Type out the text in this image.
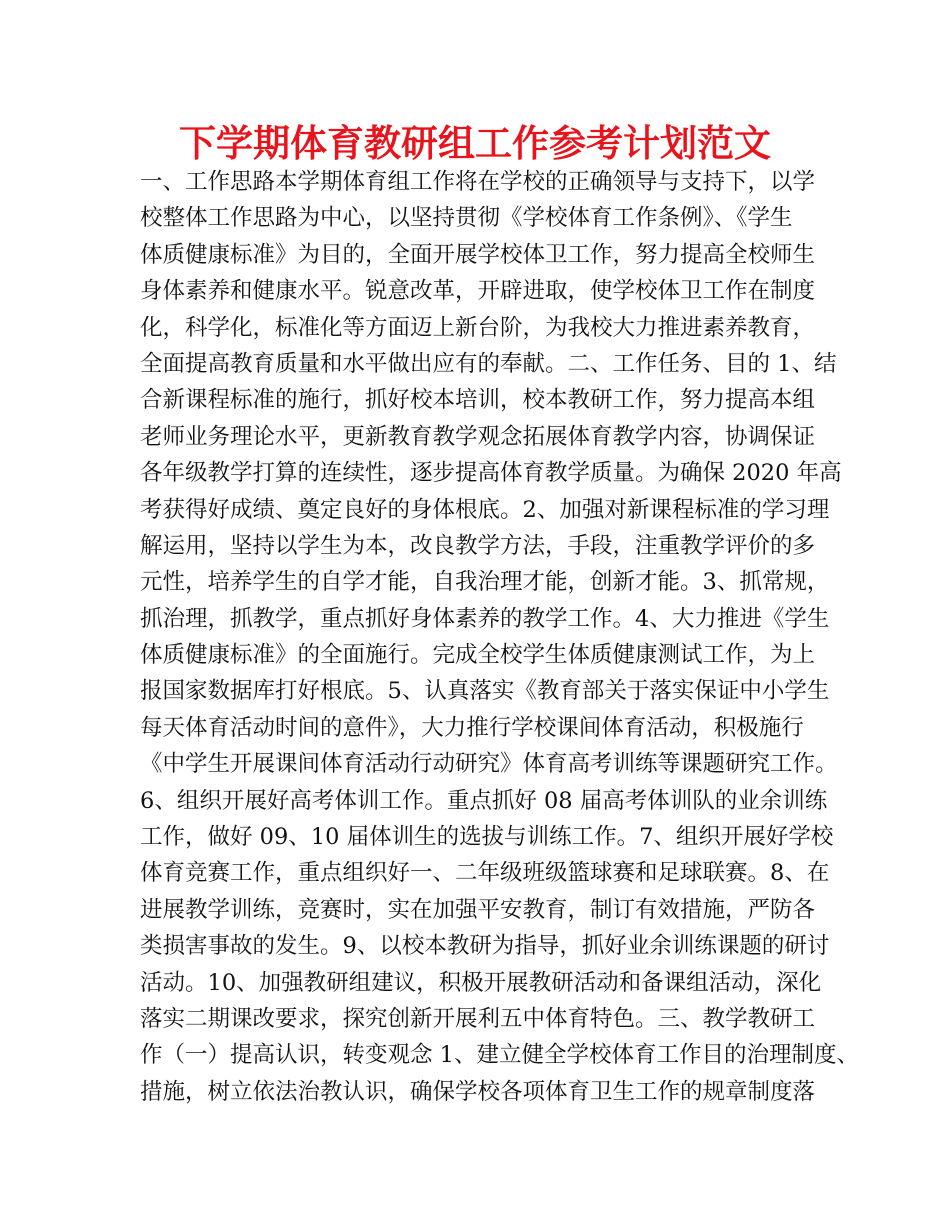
下学期体育教研组工作参考计划范文
一、工作思路本学期体育组工作将在学校的正确领导与支持下，以学
校整体工作思路为中心，以坚持贯彻《学校体育工作条例》、《学生
体质健康标准》为目的，全面开展学校体卫工作，努力提高全校师生
身体素养和健康水平。锐意改革，开辟进取，使学校体卫工作在制度
化，科学化，标准化等方面迈上新台阶，为我校大力推进素养教育，
全面提高教育质量和水平做出应有的奉献。二、工作任务、目的 1、结
合新课程标准的施行，抓好校本培训，校本教研工作，努力提高本组
老师业务理论水平，更新教育教学观念拓展体育教学内容，协调保证
各年级教学打算的连续性，逐步提高体育教学质量。为确保 2020 年高
考获得好成绩、奠定良好的身体根底。2、加强对新课程标准的学习理
解运用，坚持以学生为本，改良教学方法，手段，注重教学评价的多
元性，培养学生的自学才能，自我治理才能，创新才能。3、抓常规，
抓治理，抓教学，重点抓好身体素养的教学工作。4、大力推进《学生
体质健康标准》的全面施行。完成全校学生体质健康测试工作，为上
报国家数据库打好根底。5、认真落实《教育部关于落实保证中小学生
每天体育活动时间的意件》，大力推行学校课间体育活动，积极施行
《中学生开展课间体育活动行动研究》体育高考训练等课题研究工作。
6、组织开展好高考体训工作。重点抓好 08 届高考体训队的业余训练
工作，做好 09、10 届体训生的选拔与训练工作。7、组织开展好学校
体育竞赛工作，重点组织好一、二年级班级篮球赛和足球联赛。8、在
进展教学训练，竞赛时，实在加强平安教育，制订有效措施，严防各
类损害事故的发生。9、以校本教研为指导，抓好业余训练课题的研讨
活动。10、加强教研组建议，积极开展教研活动和备课组活动，深化
落实二期课改要求，探究创新开展利五中体育特色。三、教学教研工
作（一）提高认识，转变观念 1、建立健全学校体育工作目的治理制度、
措施，树立依法治教认识，确保学校各项体育卫生工作的规章制度落
